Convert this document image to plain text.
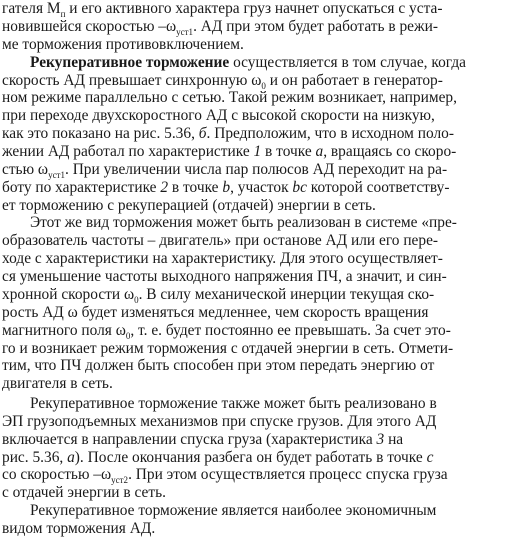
гателя $М_п$ и его активного характера груз начнет опускаться с уста-
новившейся скоростью $-\omega_{уст1}$. АД при этом будет работать в режи-
ме торможения противовключением.
Рекуперативное торможение осуществляется в том случае, когда
скорость АД превышает синхронную $\omega_0$ и он работает в генератор-
ном режиме параллельно с сетью. Такой режим возникает, например,
при переходе двухскоростного АД с высокой скорости на низкую,
как это показано на рис. 5.36, б. Предположим, что в исходном поло-
жении АД работал по характеристике 1 в точке а, вращаясь со скоро-
стью $\omega_{уст1}$. При увеличении числа пар полюсов АД переходит на ра-
боту по характеристике 2 в точке b, участок bc которой соответству-
ет торможению с рекуперацией (отдачей) энергии в сеть.
Этот же вид торможения может быть реализован в системе «пре-
образователь частоты – двигатель» при останове АД или его пере-
ходе с характеристики на характеристику. Для этого осуществляет-
ся уменьшение частоты выходного напряжения ПЧ, а значит, и син-
хронной скорости $\omega_0$. В силу механической инерции текущая ско-
рость АД ω будет изменяться медленнее, чем скорость вращения
магнитного поля $\omega_0$, т. е. будет постоянно ее превышать. За счет это-
го и возникает режим торможения с отдачей энергии в сеть. Отмети-
тим, что ПЧ должен быть способен при этом передать энергию от
двигателя в сеть.
Рекуперативное торможение также может быть реализовано в
ЭП грузоподъемных механизмов при спуске грузов. Для этого АД
включается в направлении спуска груза (характеристика 3 на
рис. 5.36, а). После окончания разбега он будет работать в точке с
со скоростью $-\omega_{уст2}$. При этом осуществляется процесс спуска груза
с отдачей энергии в сеть.
Рекуперативное торможение является наиболее экономичным
видом торможения АД.
